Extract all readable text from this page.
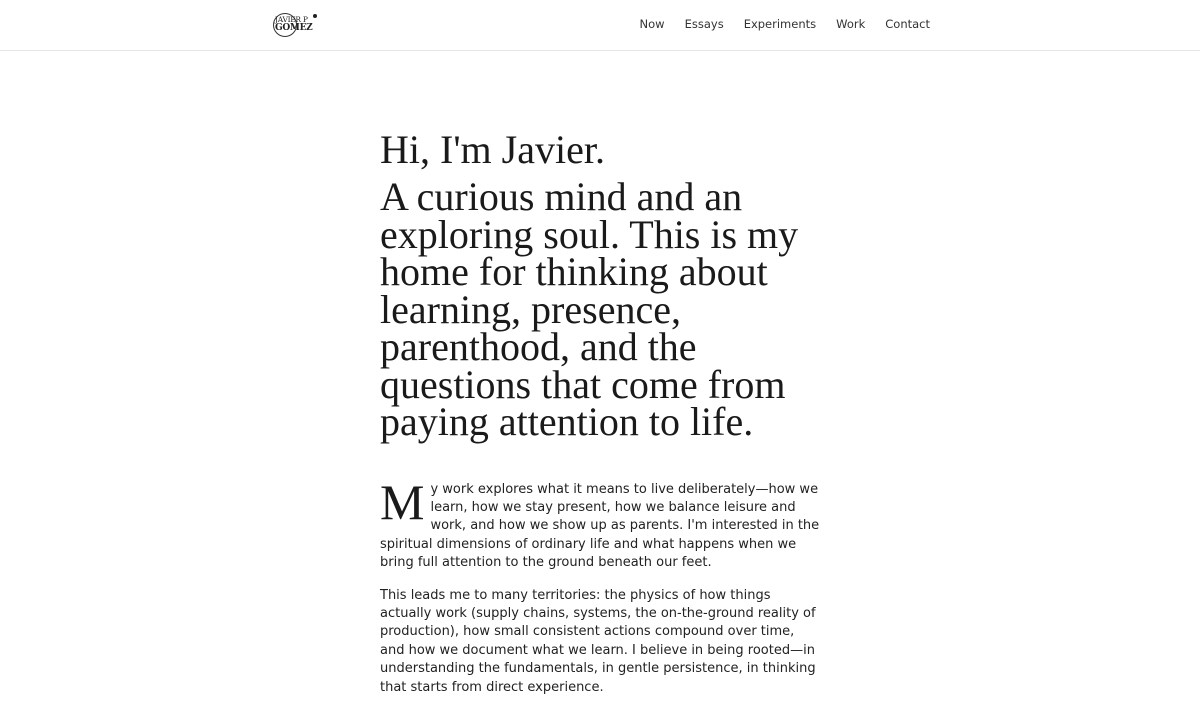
JAVIER P
GOMEZ	Now Essays Experiments Work Contact
Hi, I'm Javier.
A curious mind and an exploring soul. This is my home for thinking about learning, presence, parenthood, and the questions that come from paying attention to life.

My work explores what it means to live deliberately—how we learn, how we stay present, how we balance leisure and work, and how we show up as parents. I'm interested in the spiritual dimensions of ordinary life and what happens when we bring full attention to the ground beneath our feet.

This leads me to many territories: the physics of how things actually work (supply chains, systems, the on-the-ground reality of production), how small consistent actions compound over time, and how we document what we learn. I believe in being rooted—in understanding the fundamentals, in gentle persistence, in thinking that starts from direct experience.
